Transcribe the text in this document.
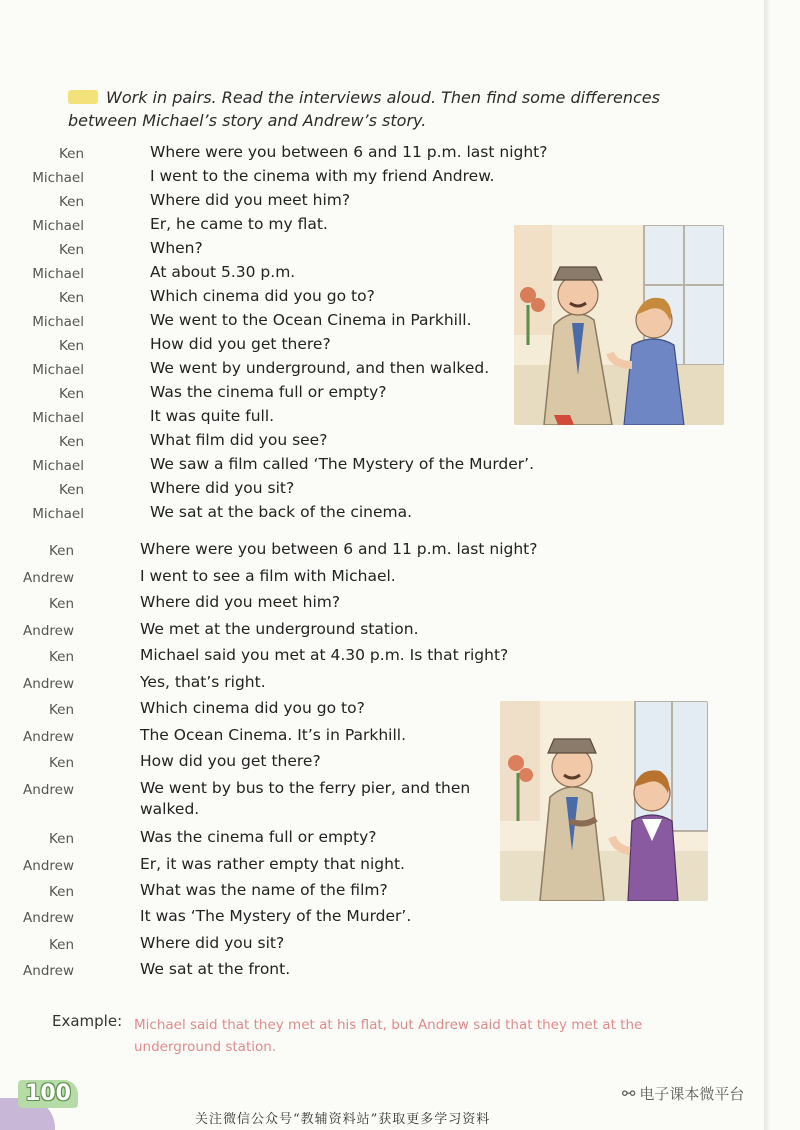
Work in pairs. Read the interviews aloud. Then find some differences between Michael’s story and Andrew’s story.
Ken	Where were you between 6 and 11 p.m. last night?
Michael	I went to the cinema with my friend Andrew.
Ken	Where did you meet him?
Michael	Er, he came to my flat.
Ken	When?
Michael	At about 5.30 p.m.
Ken	Which cinema did you go to?
Michael	We went to the Ocean Cinema in Parkhill.
Ken	How did you get there?
Michael	We went by underground, and then walked.
Ken	Was the cinema full or empty?
Michael	It was quite full.
Ken	What film did you see?
Michael	We saw a film called ‘The Mystery of the Murder’.
Ken	Where did you sit?
Michael	We sat at the back of the cinema.
Ken	Where were you between 6 and 11 p.m. last night?
Andrew	I went to see a film with Michael.
Ken	Where did you meet him?
Andrew	We met at the underground station.
Ken	Michael said you met at 4.30 p.m. Is that right?
Andrew	Yes, that’s right.
Ken	Which cinema did you go to?
Andrew	The Ocean Cinema. It’s in Parkhill.
Ken	How did you get there?
Andrew	We went by bus to the ferry pier, and then
walked.
Ken	Was the cinema full or empty?
Andrew	Er, it was rather empty that night.
Ken	What was the name of the film?
Andrew	It was ‘The Mystery of the Murder’.
Ken	Where did you sit?
Andrew	We sat at the front.
Example: Michael said that they met at his flat, but Andrew said that they met at the underground station.
100	⚯ 电子课本微平台
关注微信公众号“教辅资料站”获取更多学习资料
